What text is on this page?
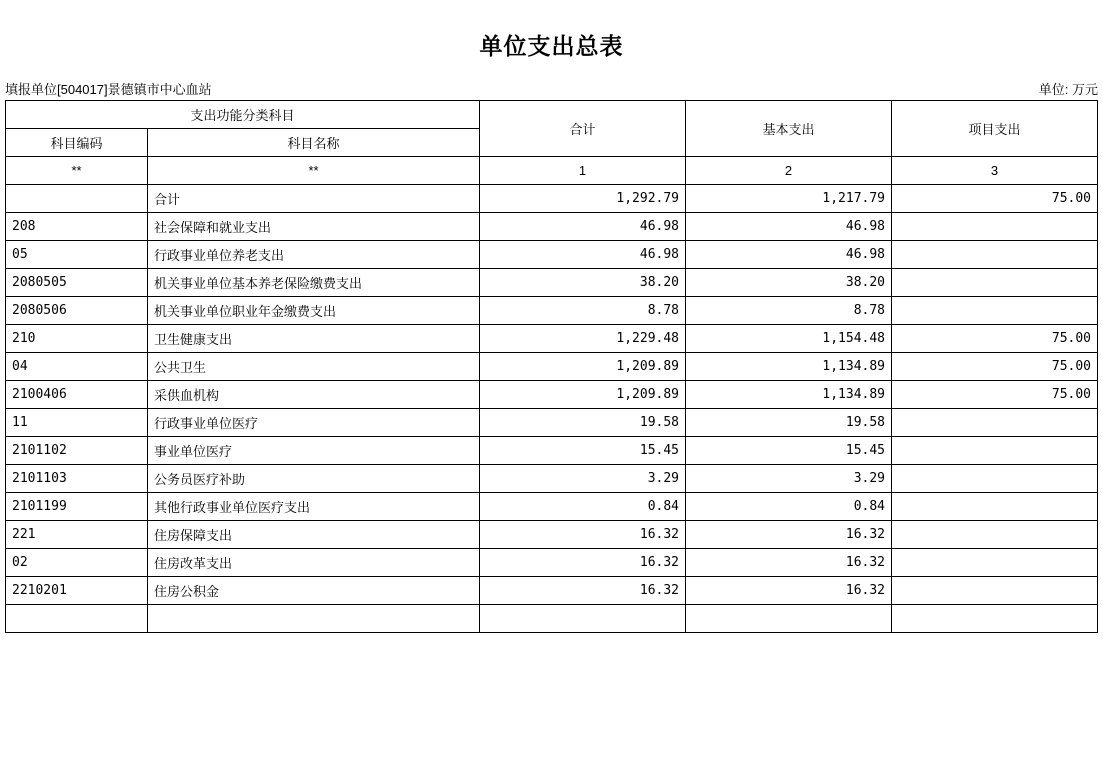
单位支出总表
填报单位[504017]景德镇市中心血站	单位: 万元
支出功能分类科目		合计	基本支出	项目支出
科目编码	科目名称			
**	**	1	2	3
	合计	1,292.79	1,217.79	75.00
208	社会保障和就业支出	46.98	46.98	
05	行政事业单位养老支出	46.98	46.98	
2080505	机关事业单位基本养老保险缴费支出	38.20	38.20	
2080506	机关事业单位职业年金缴费支出	8.78	8.78	
210	卫生健康支出	1,229.48	1,154.48	75.00
04	公共卫生	1,209.89	1,134.89	75.00
2100406	采供血机构	1,209.89	1,134.89	75.00
11	行政事业单位医疗	19.58	19.58	
2101102	事业单位医疗	15.45	15.45	
2101103	公务员医疗补助	3.29	3.29	
2101199	其他行政事业单位医疗支出	0.84	0.84	
221	住房保障支出	16.32	16.32	
02	住房改革支出	16.32	16.32	
2210201	住房公积金	16.32	16.32	
